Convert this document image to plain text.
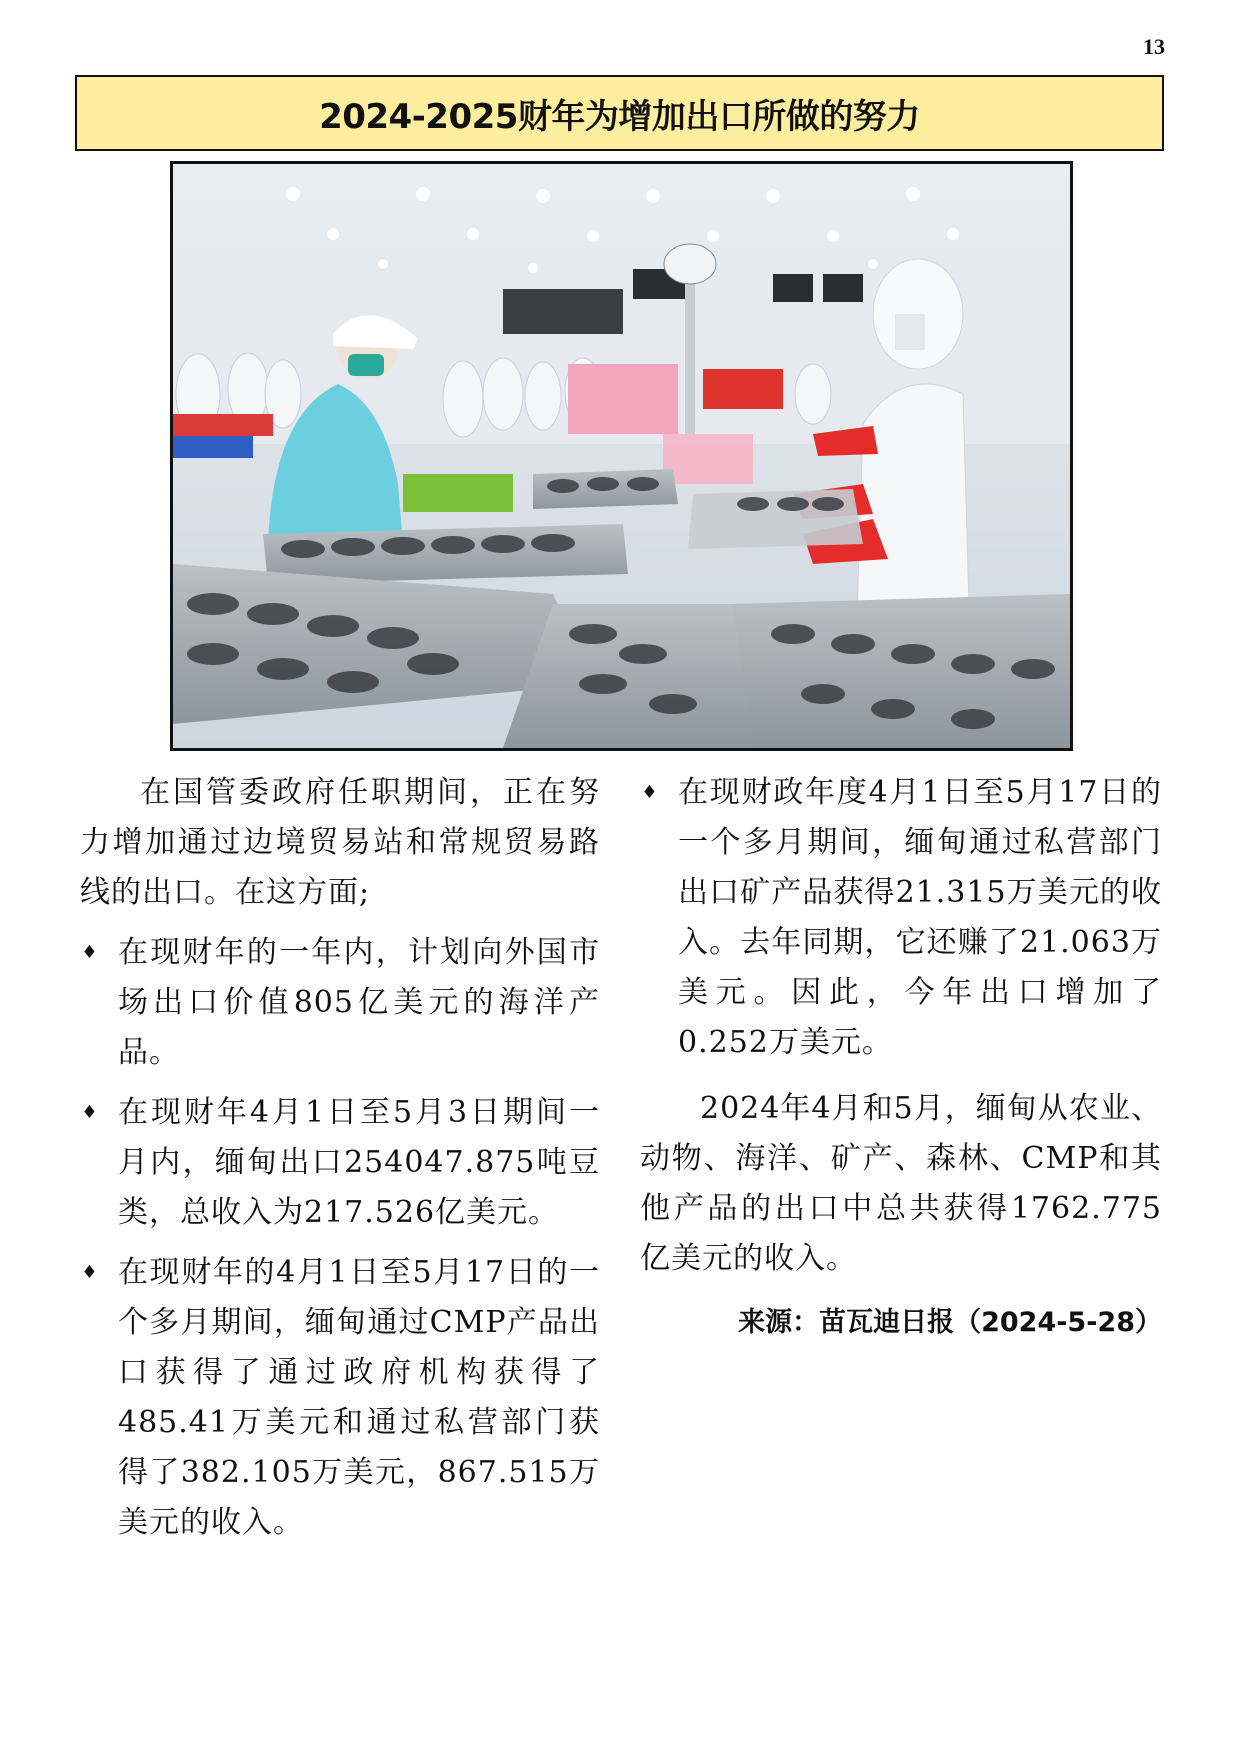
13
2024-2025财年为增加出口所做的努力

在国管委政府任职期间，正在努力增加通过边境贸易站和常规贸易路线的出口。在这方面;

♦ 在现财年的一年内，计划向外国市场出口价值805亿美元的海洋产品。
♦ 在现财年4月1日至5月3日期间一月内，缅甸出口254047.875吨豆类，总收入为217.526亿美元。
♦ 在现财年的4月1日至5月17日的一个多月期间，缅甸通过CMP产品出口获得了通过政府机构获得了485.41万美元和通过私营部门获得了382.105万美元，867.515万美元的收入。
♦ 在现财政年度4月1日至5月17日的一个多月期间，缅甸通过私营部门出口矿产品获得21.315万美元的收入。去年同期，它还赚了21.063万美元。因此，今年出口增加了0.252万美元。

2024年4月和5月，缅甸从农业、动物、海洋、矿产、森林、CMP和其他产品的出口中总共获得1762.775亿美元的收入。

来源：苗瓦迪日报（2024-5-28）
